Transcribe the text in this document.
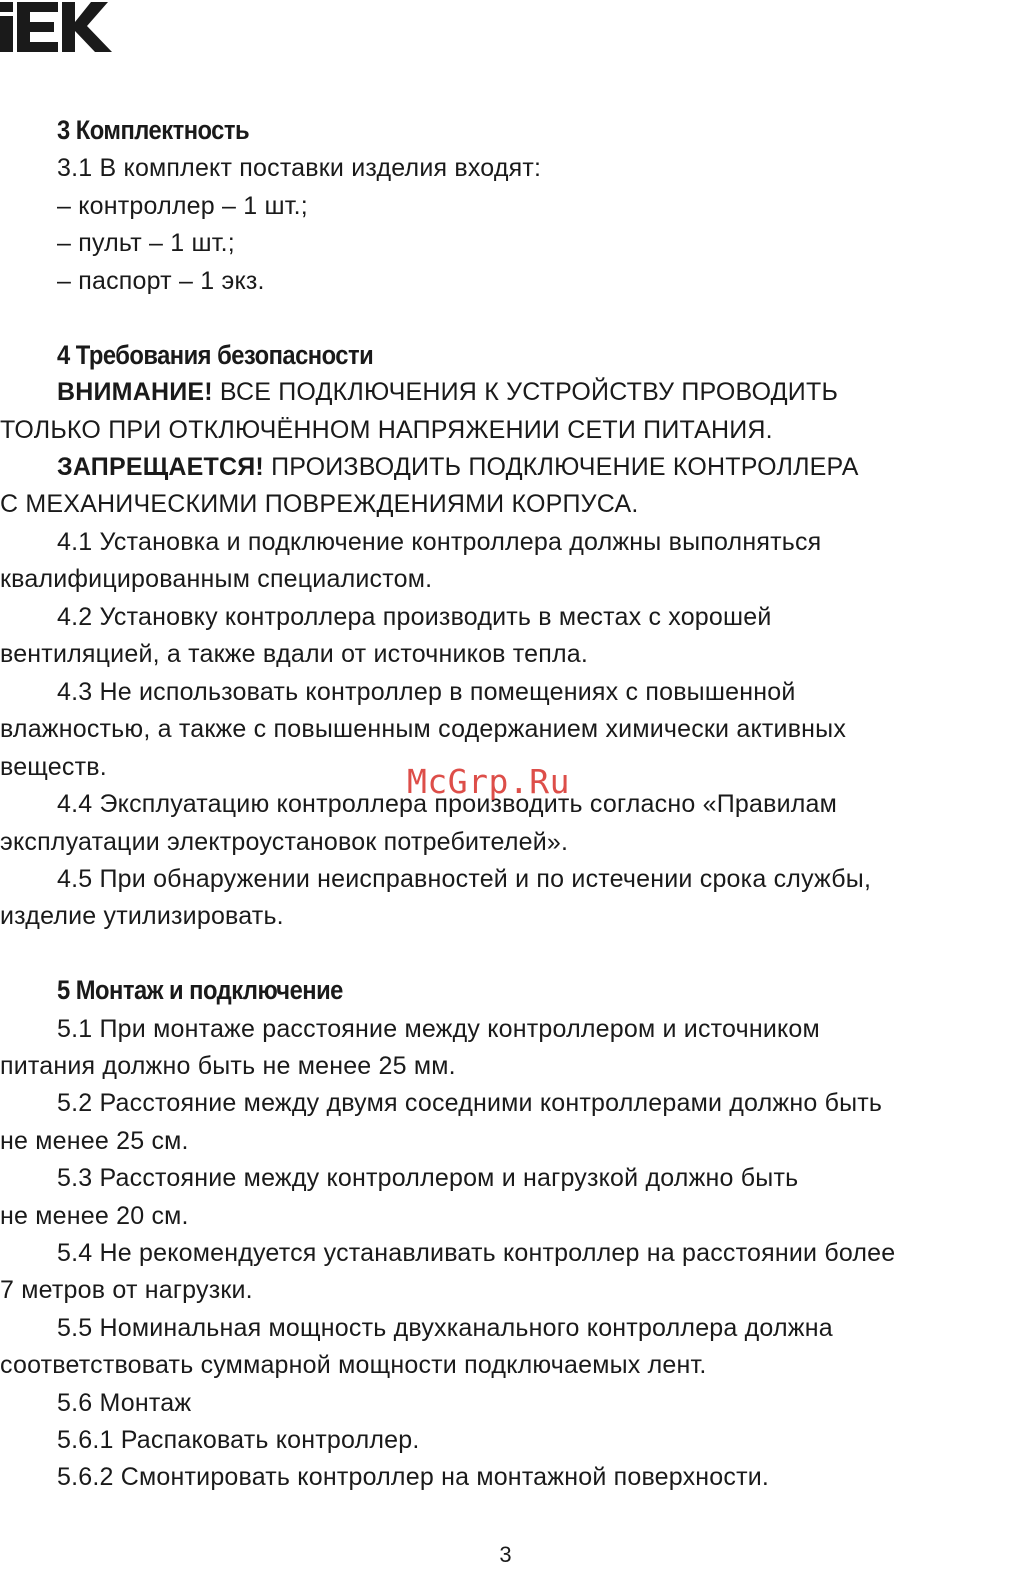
3 Комплектность
3.1 В комплект поставки изделия входят:
– контроллер – 1 шт.;
– пульт – 1 шт.;
– паспорт – 1 экз.
4 Требования безопасности
ВНИМАНИЕ! ВСЕ ПОДКЛЮЧЕНИЯ К УСТРОЙСТВУ ПРОВОДИТЬ
ТОЛЬКО ПРИ ОТКЛЮЧЁННОМ НАПРЯЖЕНИИ СЕТИ ПИТАНИЯ.
ЗАПРЕЩАЕТСЯ! ПРОИЗВОДИТЬ ПОДКЛЮЧЕНИЕ КОНТРОЛЛЕРА
С МЕХАНИЧЕСКИМИ ПОВРЕЖДЕНИЯМИ КОРПУСА.
4.1 Установка и подключение контроллера должны выполняться
квалифицированным специалистом.
4.2 Установку контроллера производить в местах с хорошей
вентиляцией, а также вдали от источников тепла.
4.3 Не использовать контроллер в помещениях с повышенной
влажностью, а также с повышенным содержанием химически активных
веществ.
4.4 Эксплуатацию контроллера производить согласно «Правилам
эксплуатации электроустановок потребителей».
4.5 При обнаружении неисправностей и по истечении срока службы,
изделие утилизировать.
5 Монтаж и подключение
5.1 При монтаже расстояние между контроллером и источником
питания должно быть не менее 25 мм.
5.2 Расстояние между двумя соседними контроллерами должно быть
не менее 25 см.
5.3 Расстояние между контроллером и нагрузкой должно быть
не менее 20 см.
5.4 Не рекомендуется устанавливать контроллер на расстоянии более
7 метров от нагрузки.
5.5 Номинальная мощность двухканального контроллера должна
соответствовать суммарной мощности подключаемых лент.
5.6 Монтаж
5.6.1 Распаковать контроллер.
5.6.2 Смонтировать контроллер на монтажной поверхности.
McGrp.Ru
3
